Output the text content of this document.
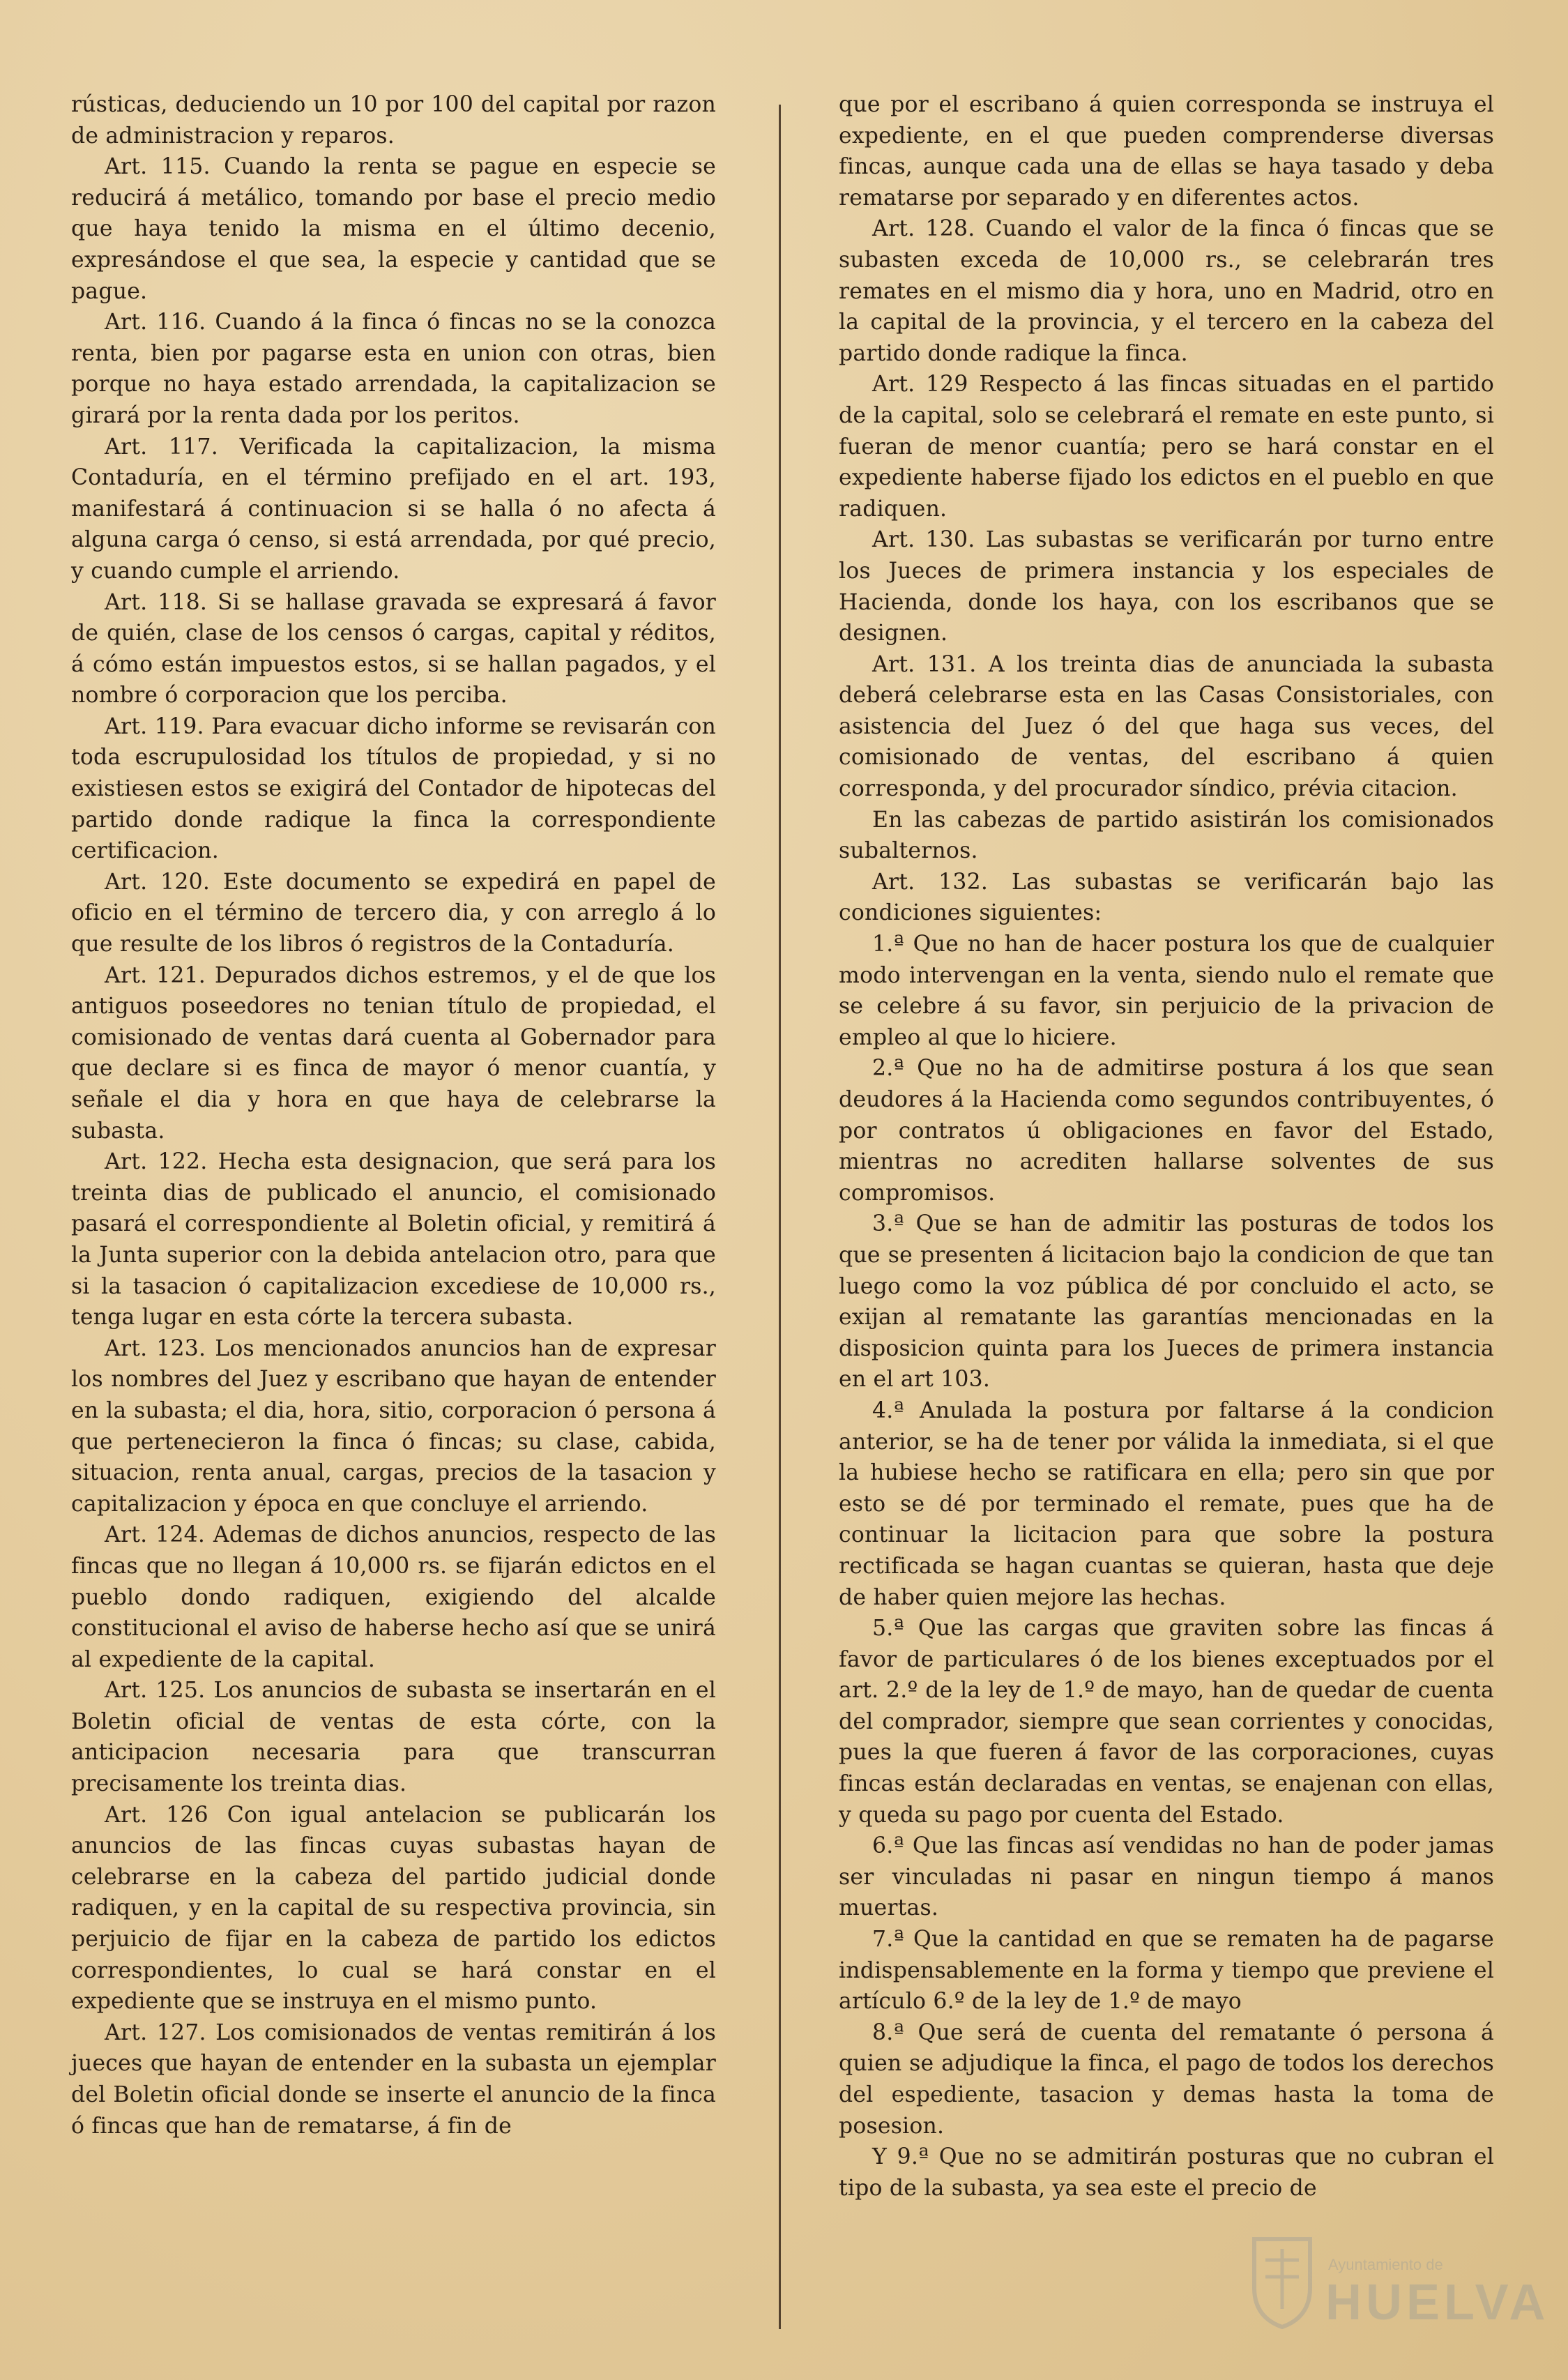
rústicas, deduciendo un 10 por 100 del capital por razon de administracion y reparos.

Art. 115. Cuando la renta se pague en especie se reducirá á metálico, tomando por base el precio medio que haya tenido la misma en el último decenio, expresándose el que sea, la especie y cantidad que se pague.

Art. 116. Cuando á la finca ó fincas no se la conozca renta, bien por pagarse esta en union con otras, bien porque no haya estado arrendada, la capitalizacion se girará por la renta dada por los peritos.

Art. 117. Verificada la capitalizacion, la misma Contaduría, en el término prefijado en el art. 193, manifestará á continuacion si se halla ó no afecta á alguna carga ó censo, si está arrendada, por qué precio, y cuando cumple el arriendo.

Art. 118. Si se hallase gravada se expresará á favor de quién, clase de los censos ó cargas, capital y réditos, á cómo están impuestos estos, si se hallan pagados, y el nombre ó corporacion que los perciba.

Art. 119. Para evacuar dicho informe se revisarán con toda escrupulosidad los títulos de propiedad, y si no existiesen estos se exigirá del Contador de hipotecas del partido donde radique la finca la correspondiente certificacion.

Art. 120. Este documento se expedirá en papel de oficio en el término de tercero dia, y con arreglo á lo que resulte de los libros ó registros de la Contaduría.

Art. 121. Depurados dichos estremos, y el de que los antiguos poseedores no tenian título de propiedad, el comisionado de ventas dará cuenta al Gobernador para que declare si es finca de mayor ó menor cuantía, y señale el dia y hora en que haya de celebrarse la subasta.

Art. 122. Hecha esta designacion, que será para los treinta dias de publicado el anuncio, el comisionado pasará el correspondiente al Boletin oficial, y remitirá á la Junta superior con la debida antelacion otro, para que si la tasacion ó capitalizacion excediese de 10,000 rs., tenga lugar en esta córte la tercera subasta.

Art. 123. Los mencionados anuncios han de expresar los nombres del Juez y escribano que hayan de entender en la subasta; el dia, hora, sitio, corporacion ó persona á que pertenecieron la finca ó fincas; su clase, cabida, situacion, renta anual, cargas, precios de la tasacion y capitalizacion y época en que concluye el arriendo.

Art. 124. Ademas de dichos anuncios, respecto de las fincas que no llegan á 10,000 rs. se fijarán edictos en el pueblo dondo radiquen, exigiendo del alcalde constitucional el aviso de haberse hecho así que se unirá al expediente de la capital.

Art. 125. Los anuncios de subasta se insertarán en el Boletin oficial de ventas de esta córte, con la anticipacion necesaria para que transcurran precisamente los treinta dias.

Art. 126 Con igual antelacion se publicarán los anuncios de las fincas cuyas subastas hayan de celebrarse en la cabeza del partido judicial donde radiquen, y en la capital de su respectiva provincia, sin perjuicio de fijar en la cabeza de partido los edictos correspondientes, lo cual se hará constar en el expediente que se instruya en el mismo punto.

Art. 127. Los comisionados de ventas remitirán á los jueces que hayan de entender en la subasta un ejemplar del Boletin oficial donde se inserte el anuncio de la finca ó fincas que han de rematarse, á fin de

que por el escribano á quien corresponda se instruya el expediente, en el que pueden comprenderse diversas fincas, aunque cada una de ellas se haya tasado y deba rematarse por separado y en diferentes actos.

Art. 128. Cuando el valor de la finca ó fincas que se subasten exceda de 10,000 rs., se celebrarán tres remates en el mismo dia y hora, uno en Madrid, otro en la capital de la provincia, y el tercero en la cabeza del partido donde radique la finca.

Art. 129 Respecto á las fincas situadas en el partido de la capital, solo se celebrará el remate en este punto, si fueran de menor cuantía; pero se hará constar en el expediente haberse fijado los edictos en el pueblo en que radiquen.

Art. 130. Las subastas se verificarán por turno entre los Jueces de primera instancia y los especiales de Hacienda, donde los haya, con los escribanos que se designen.

Art. 131. A los treinta dias de anunciada la subasta deberá celebrarse esta en las Casas Consistoriales, con asistencia del Juez ó del que haga sus veces, del comisionado de ventas, del escribano á quien corresponda, y del procurador síndico, prévia citacion.

En las cabezas de partido asistirán los comisionados subalternos.

Art. 132. Las subastas se verificarán bajo las condiciones siguientes:

1.ª Que no han de hacer postura los que de cualquier modo intervengan en la venta, siendo nulo el remate que se celebre á su favor, sin perjuicio de la privacion de empleo al que lo hiciere.

2.ª Que no ha de admitirse postura á los que sean deudores á la Hacienda como segundos contribuyentes, ó por contratos ú obligaciones en favor del Estado, mientras no acrediten hallarse solventes de sus compromisos.

3.ª Que se han de admitir las posturas de todos los que se presenten á licitacion bajo la condicion de que tan luego como la voz pública dé por concluido el acto, se exijan al rematante las garantías mencionadas en la disposicion quinta para los Jueces de primera instancia en el art 103.

4.ª Anulada la postura por faltarse á la condicion anterior, se ha de tener por válida la inmediata, si el que la hubiese hecho se ratificara en ella; pero sin que por esto se dé por terminado el remate, pues que ha de continuar la licitacion para que sobre la postura rectificada se hagan cuantas se quieran, hasta que deje de haber quien mejore las hechas.

5.ª Que las cargas que graviten sobre las fincas á favor de particulares ó de los bienes exceptuados por el art. 2.º de la ley de 1.º de mayo, han de quedar de cuenta del comprador, siempre que sean corrientes y conocidas, pues la que fueren á favor de las corporaciones, cuyas fincas están declaradas en ventas, se enajenan con ellas, y queda su pago por cuenta del Estado.

6.ª Que las fincas así vendidas no han de poder jamas ser vinculadas ni pasar en ningun tiempo á manos muertas.

7.ª Que la cantidad en que se rematen ha de pagarse indispensablemente en la forma y tiempo que previene el artículo 6.º de la ley de 1.º de mayo

8.ª Que será de cuenta del rematante ó persona á quien se adjudique la finca, el pago de todos los derechos del espediente, tasacion y demas hasta la toma de posesion.

Y 9.ª Que no se admitirán posturas que no cubran el tipo de la subasta, ya sea este el precio de

Ayuntamiento de
HUELVA
